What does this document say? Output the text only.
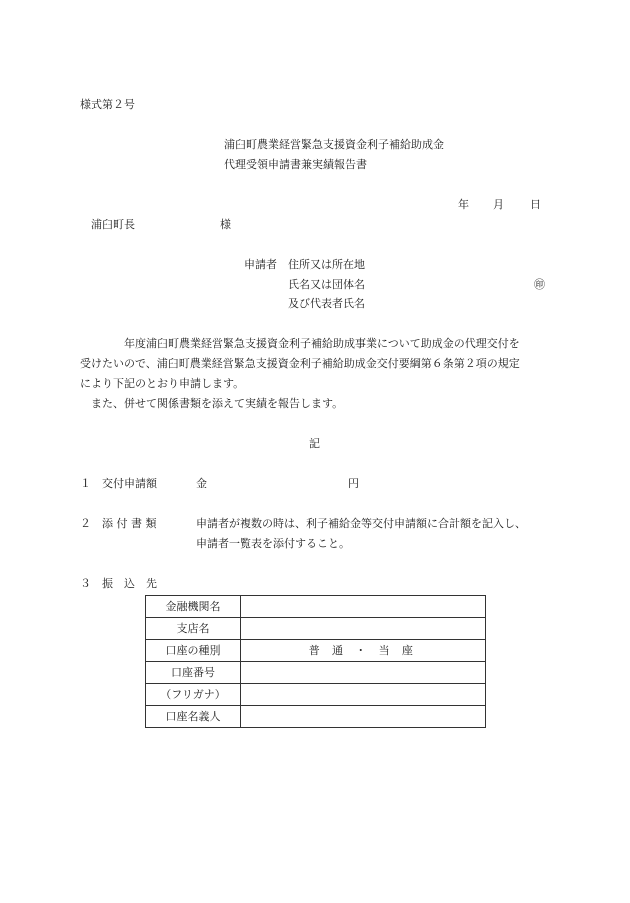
様式第２号
浦臼町農業経営緊急支援資金利子補給助成金
代理受領申請書兼実績報告書
年 月 日
浦臼町長	様
申請者 住所又は所在地
氏名又は団体名	㊞
及び代表者氏名
年度浦臼町農業経営緊急支援資金利子補給助成事業について助成金の代理交付を
受けたいので、浦臼町農業経営緊急支援資金利子補給助成金交付要綱第６条第２項の規定
により下記のとおり申請します。
また、併せて関係書類を添えて実績を報告します。
記
１ 交付申請額	金	円
２ 添 付 書 類	申請者が複数の時は、利子補給金等交付申請額に合計額を記入し、
申請者一覧表を添付すること。
３ 振　込　先
金融機関名	
支店名	
口座の種別	普 通 ・ 当 座
口座番号	
（フリガナ）	
口座名義人	
